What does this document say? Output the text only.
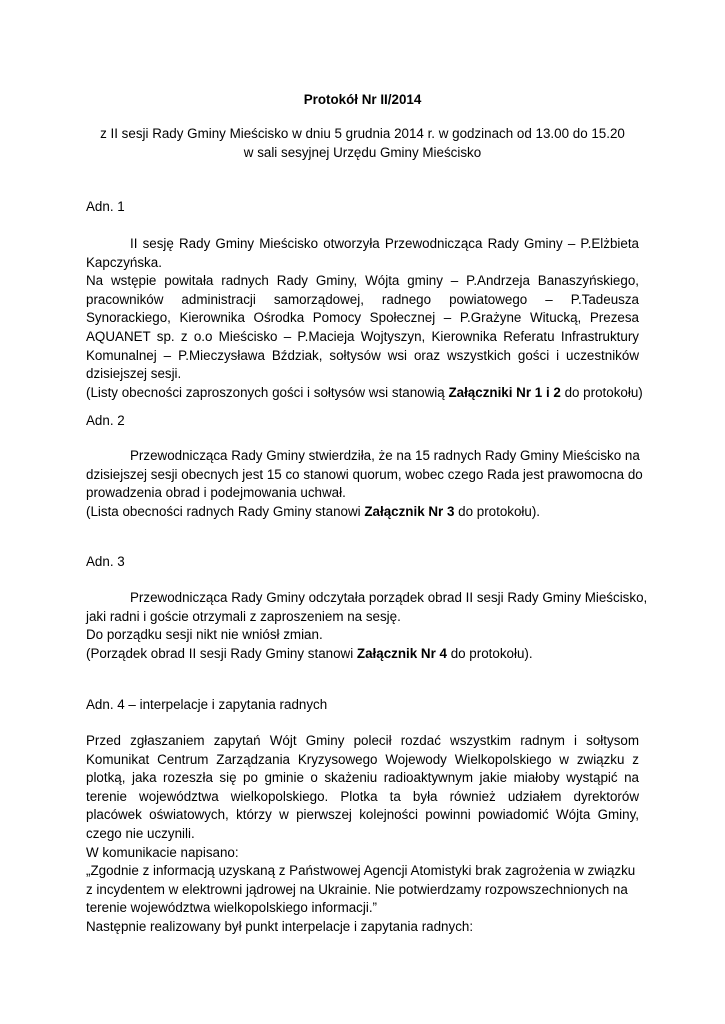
Protokół Nr II/2014
z II sesji Rady Gminy Mieścisko w dniu 5 grudnia 2014 r. w godzinach od 13.00 do 15.20
w sali sesyjnej Urzędu Gminy Mieścisko
Adn. 1
II sesję Rady Gminy Mieścisko otworzyła Przewodnicząca Rady Gminy – P.Elżbieta
Kapczyńska.
Na wstępie powitała radnych Rady Gminy, Wójta gminy – P.Andrzeja Banaszyńskiego,
pracowników administracji samorządowej, radnego powiatowego – P.Tadeusza
Synorackiego, Kierownika Ośrodka Pomocy Społecznej – P.Grażyne Witucką, Prezesa
AQUANET sp. z o.o Mieścisko – P.Macieja Wojtyszyn, Kierownika Referatu Infrastruktury
Komunalnej – P.Mieczysława Bździak, sołtysów wsi oraz wszystkich gości i uczestników
dzisiejszej sesji.
(Listy obecności zaproszonych gości i sołtysów wsi stanowią Załączniki Nr 1 i 2 do protokołu)
Adn. 2
Przewodnicząca Rady Gminy stwierdziła, że na 15 radnych Rady Gminy Mieścisko na
dzisiejszej sesji obecnych jest 15 co stanowi quorum, wobec czego Rada jest prawomocna do
prowadzenia obrad i podejmowania uchwał.
(Lista obecności radnych Rady Gminy stanowi Załącznik Nr 3 do protokołu).
Adn. 3
Przewodnicząca Rady Gminy odczytała porządek obrad II sesji Rady Gminy Mieścisko,
jaki radni i goście otrzymali z zaproszeniem na sesję.
Do porządku sesji nikt nie wniósł zmian.
(Porządek obrad II sesji Rady Gminy stanowi Załącznik Nr 4 do protokołu).
Adn. 4 – interpelacje i zapytania radnych
Przed zgłaszaniem zapytań Wójt Gminy polecił rozdać wszystkim radnym i sołtysom
Komunikat Centrum Zarządzania Kryzysowego Wojewody Wielkopolskiego w związku z
plotką, jaka rozeszła się po gminie o skażeniu radioaktywnym jakie miałoby wystąpić na
terenie województwa wielkopolskiego. Plotka ta była również udziałem dyrektorów
placówek oświatowych, którzy w pierwszej kolejności powinni powiadomić Wójta Gminy,
czego nie uczynili.
W komunikacie napisano:
„Zgodnie z informacją uzyskaną z Państwowej Agencji Atomistyki brak zagrożenia w związku
z incydentem w elektrowni jądrowej na Ukrainie. Nie potwierdzamy rozpowszechnionych na
terenie województwa wielkopolskiego informacji.”
Następnie realizowany był punkt interpelacje i zapytania radnych:
